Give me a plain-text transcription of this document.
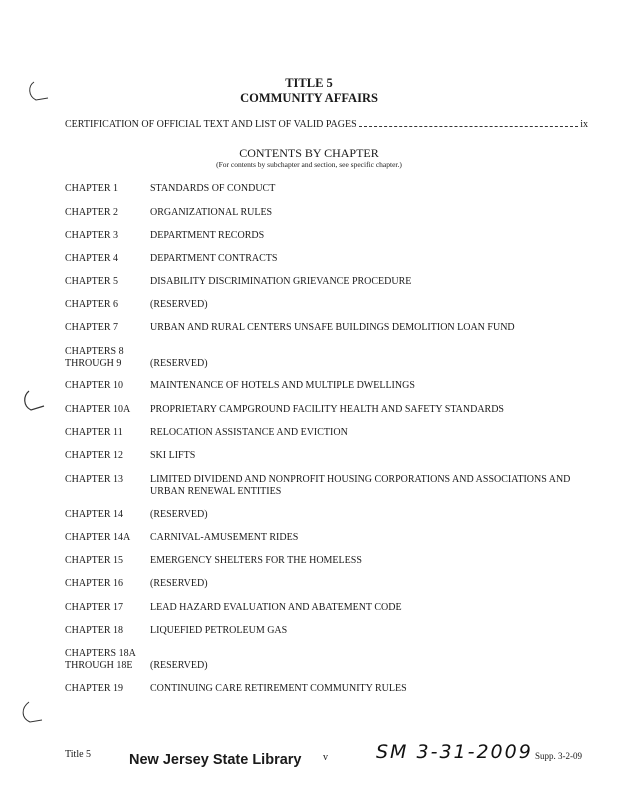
TITLE 5
COMMUNITY AFFAIRS
CERTIFICATION OF OFFICIAL TEXT AND LIST OF VALID PAGES	ix
CONTENTS BY CHAPTER
(For contents by subchapter and section, see specific chapter.)
CHAPTER 1	STANDARDS OF CONDUCT
CHAPTER 2	ORGANIZATIONAL RULES
CHAPTER 3	DEPARTMENT RECORDS
CHAPTER 4	DEPARTMENT CONTRACTS
CHAPTER 5	DISABILITY DISCRIMINATION GRIEVANCE PROCEDURE
CHAPTER 6	(RESERVED)
CHAPTER 7	URBAN AND RURAL CENTERS UNSAFE BUILDINGS DEMOLITION LOAN FUND
CHAPTERS 8
THROUGH 9	(RESERVED)
CHAPTER 10	MAINTENANCE OF HOTELS AND MULTIPLE DWELLINGS
CHAPTER 10A	PROPRIETARY CAMPGROUND FACILITY HEALTH AND SAFETY STANDARDS
CHAPTER 11	RELOCATION ASSISTANCE AND EVICTION
CHAPTER 12	SKI LIFTS
CHAPTER 13	LIMITED DIVIDEND AND NONPROFIT HOUSING CORPORATIONS AND ASSOCIATIONS AND URBAN RENEWAL ENTITIES
CHAPTER 14	(RESERVED)
CHAPTER 14A	CARNIVAL-AMUSEMENT RIDES
CHAPTER 15	EMERGENCY SHELTERS FOR THE HOMELESS
CHAPTER 16	(RESERVED)
CHAPTER 17	LEAD HAZARD EVALUATION AND ABATEMENT CODE
CHAPTER 18	LIQUEFIED PETROLEUM GAS
CHAPTERS 18A
THROUGH 18E	(RESERVED)
CHAPTER 19	CONTINUING CARE RETIREMENT COMMUNITY RULES
Title 5	New Jersey State Library v	SM 3-31-2009 Supp. 3-2-09
